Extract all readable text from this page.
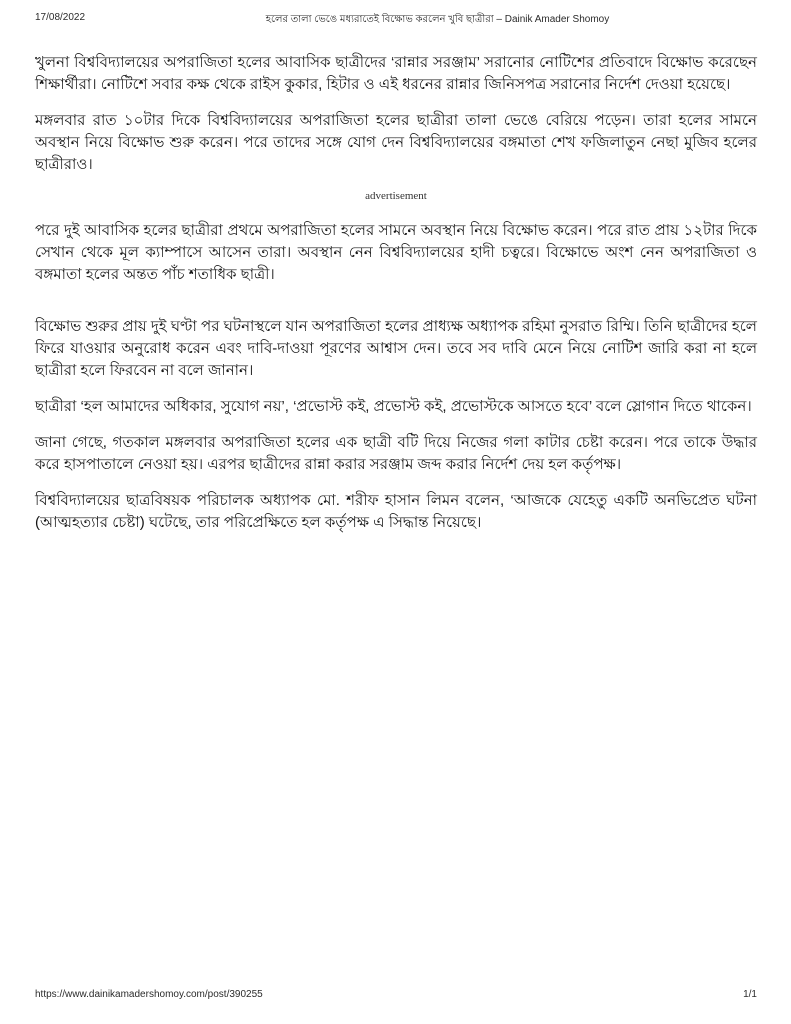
17/08/2022	হলের তালা ভেঙে মধ্যরাতেই বিক্ষোভ করলেন খুবি ছাত্রীরা – Dainik Amader Shomoy

খুলনা বিশ্ববিদ্যালয়ের অপরাজিতা হলের আবাসিক ছাত্রীদের ‘রান্নার সরঞ্জাম’ সরানোর নোটিশের প্রতিবাদে বিক্ষোভ করেছেন শিক্ষার্থীরা। নোটিশে সবার কক্ষ থেকে রাইস কুকার, হিটার ও এই ধরনের রান্নার জিনিসপত্র সরানোর নির্দেশ দেওয়া হয়েছে।

মঙ্গলবার রাত ১০টার দিকে বিশ্ববিদ্যালয়ের অপরাজিতা হলের ছাত্রীরা তালা ভেঙে বেরিয়ে পড়েন। তারা হলের সামনে অবস্থান নিয়ে বিক্ষোভ শুরু করেন। পরে তাদের সঙ্গে যোগ দেন বিশ্ববিদ্যালয়ের বঙ্গমাতা শেখ ফজিলাতুন নেছা মুজিব হলের ছাত্রীরাও।

advertisement

পরে দুই আবাসিক হলের ছাত্রীরা প্রথমে অপরাজিতা হলের সামনে অবস্থান নিয়ে বিক্ষোভ করেন। পরে রাত প্রায় ১২টার দিকে সেখান থেকে মূল ক্যাম্পাসে আসেন তারা। অবস্থান নেন বিশ্ববিদ্যালয়ের হাদী চত্বরে। বিক্ষোভে অংশ নেন অপরাজিতা ও বঙ্গমাতা হলের অন্তত পাঁচ শতাধিক ছাত্রী।

বিক্ষোভ শুরুর প্রায় দুই ঘণ্টা পর ঘটনাস্থলে যান অপরাজিতা হলের প্রাধ্যক্ষ অধ্যাপক রহিমা নুসরাত রিম্মি। তিনি ছাত্রীদের হলে ফিরে যাওয়ার অনুরোধ করেন এবং দাবি-দাওয়া পূরণের আশ্বাস দেন। তবে সব দাবি মেনে নিয়ে নোটিশ জারি করা না হলে ছাত্রীরা হলে ফিরবেন না বলে জানান।

ছাত্রীরা ‘হল আমাদের অধিকার, সুযোগ নয়’, ‘প্রভোস্ট কই, প্রভোস্ট কই, প্রভোস্টকে আসতে হবে’ বলে স্লোগান দিতে থাকেন।

জানা গেছে, গতকাল মঙ্গলবার অপরাজিতা হলের এক ছাত্রী বটি দিয়ে নিজের গলা কাটার চেষ্টা করেন। পরে তাকে উদ্ধার করে হাসপাতালে নেওয়া হয়। এরপর ছাত্রীদের রান্না করার সরঞ্জাম জব্দ করার নির্দেশ দেয় হল কর্তৃপক্ষ।

বিশ্ববিদ্যালয়ের ছাত্রবিষয়ক পরিচালক অধ্যাপক মো. শরীফ হাসান লিমন বলেন, ‘আজকে যেহেতু একটি অনভিপ্রেত ঘটনা (আত্মহত্যার চেষ্টা) ঘটেছে, তার পরিপ্রেক্ষিতে হল কর্তৃপক্ষ এ সিদ্ধান্ত নিয়েছে।

https://www.dainikamadershomoy.com/post/390255	1/1
